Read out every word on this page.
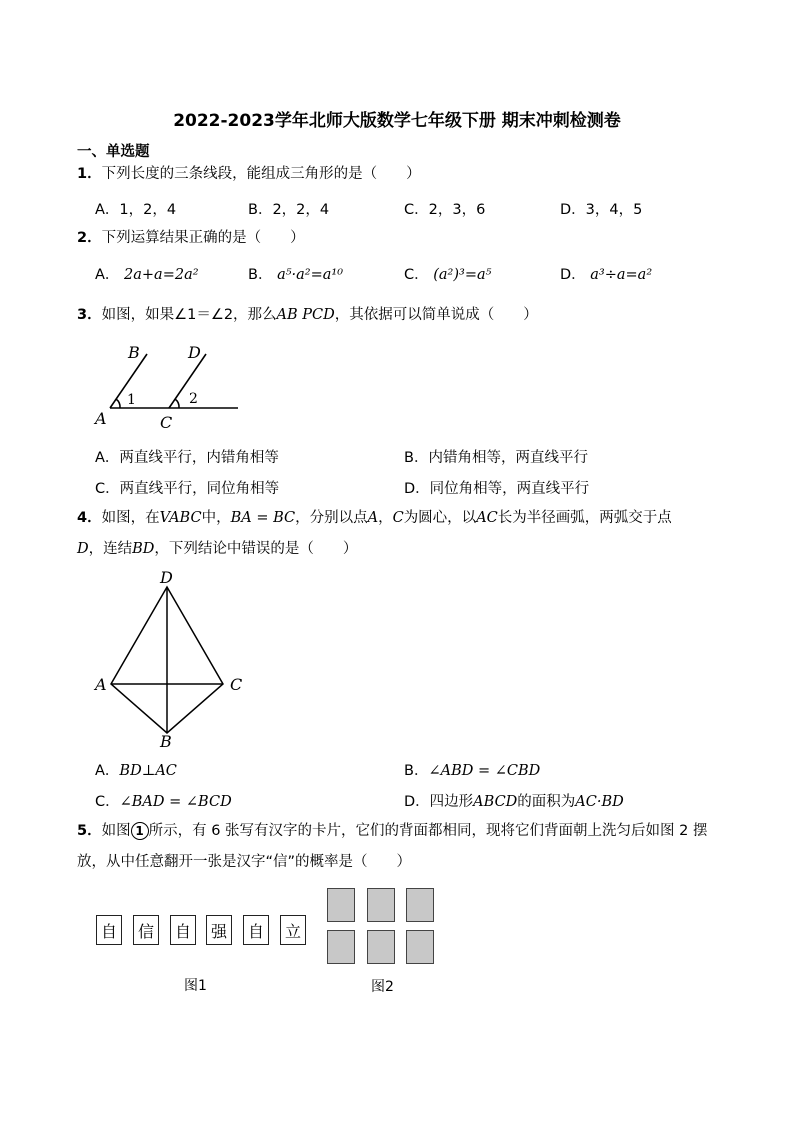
2022-2023学年北师大版数学七年级下册 期末冲刺检测卷
一、单选题
1．下列长度的三条线段，能组成三角形的是（　　）
A．1，2，4	B．2，2，4	C．2，3，6	D．3，4，5
2．下列运算结果正确的是（　　）
A． 2a+a=2a²	B． a⁵·a²=a¹⁰	C． (a²)³=a⁵	D． a³÷a=a²
3．如图，如果∠1＝∠2，那么AB PCD，其依据可以简单说成（　　）
B	D
A	C
1	2
A．两直线平行，内错角相等	B．内错角相等，两直线平行
C．两直线平行，同位角相等	D．同位角相等，两直线平行
4．如图，在VABC中，BA = BC，分别以点A，C为圆心，以AC长为半径画弧，两弧交于点
D，连结BD，下列结论中错误的是（　　）
D
A	C
B
A．BD⊥AC	B．∠ABD = ∠CBD
C．∠BAD = ∠BCD	D．四边形ABCD的面积为AC·BD
5．如图 1 所示，有 6 张写有汉字的卡片，它们的背面都相同，现将它们背面朝上洗匀后如图 2 摆
放，从中任意翻开一张是汉字“信”的概率是（　　）
自	信	自	强	自	立
图1	图2
